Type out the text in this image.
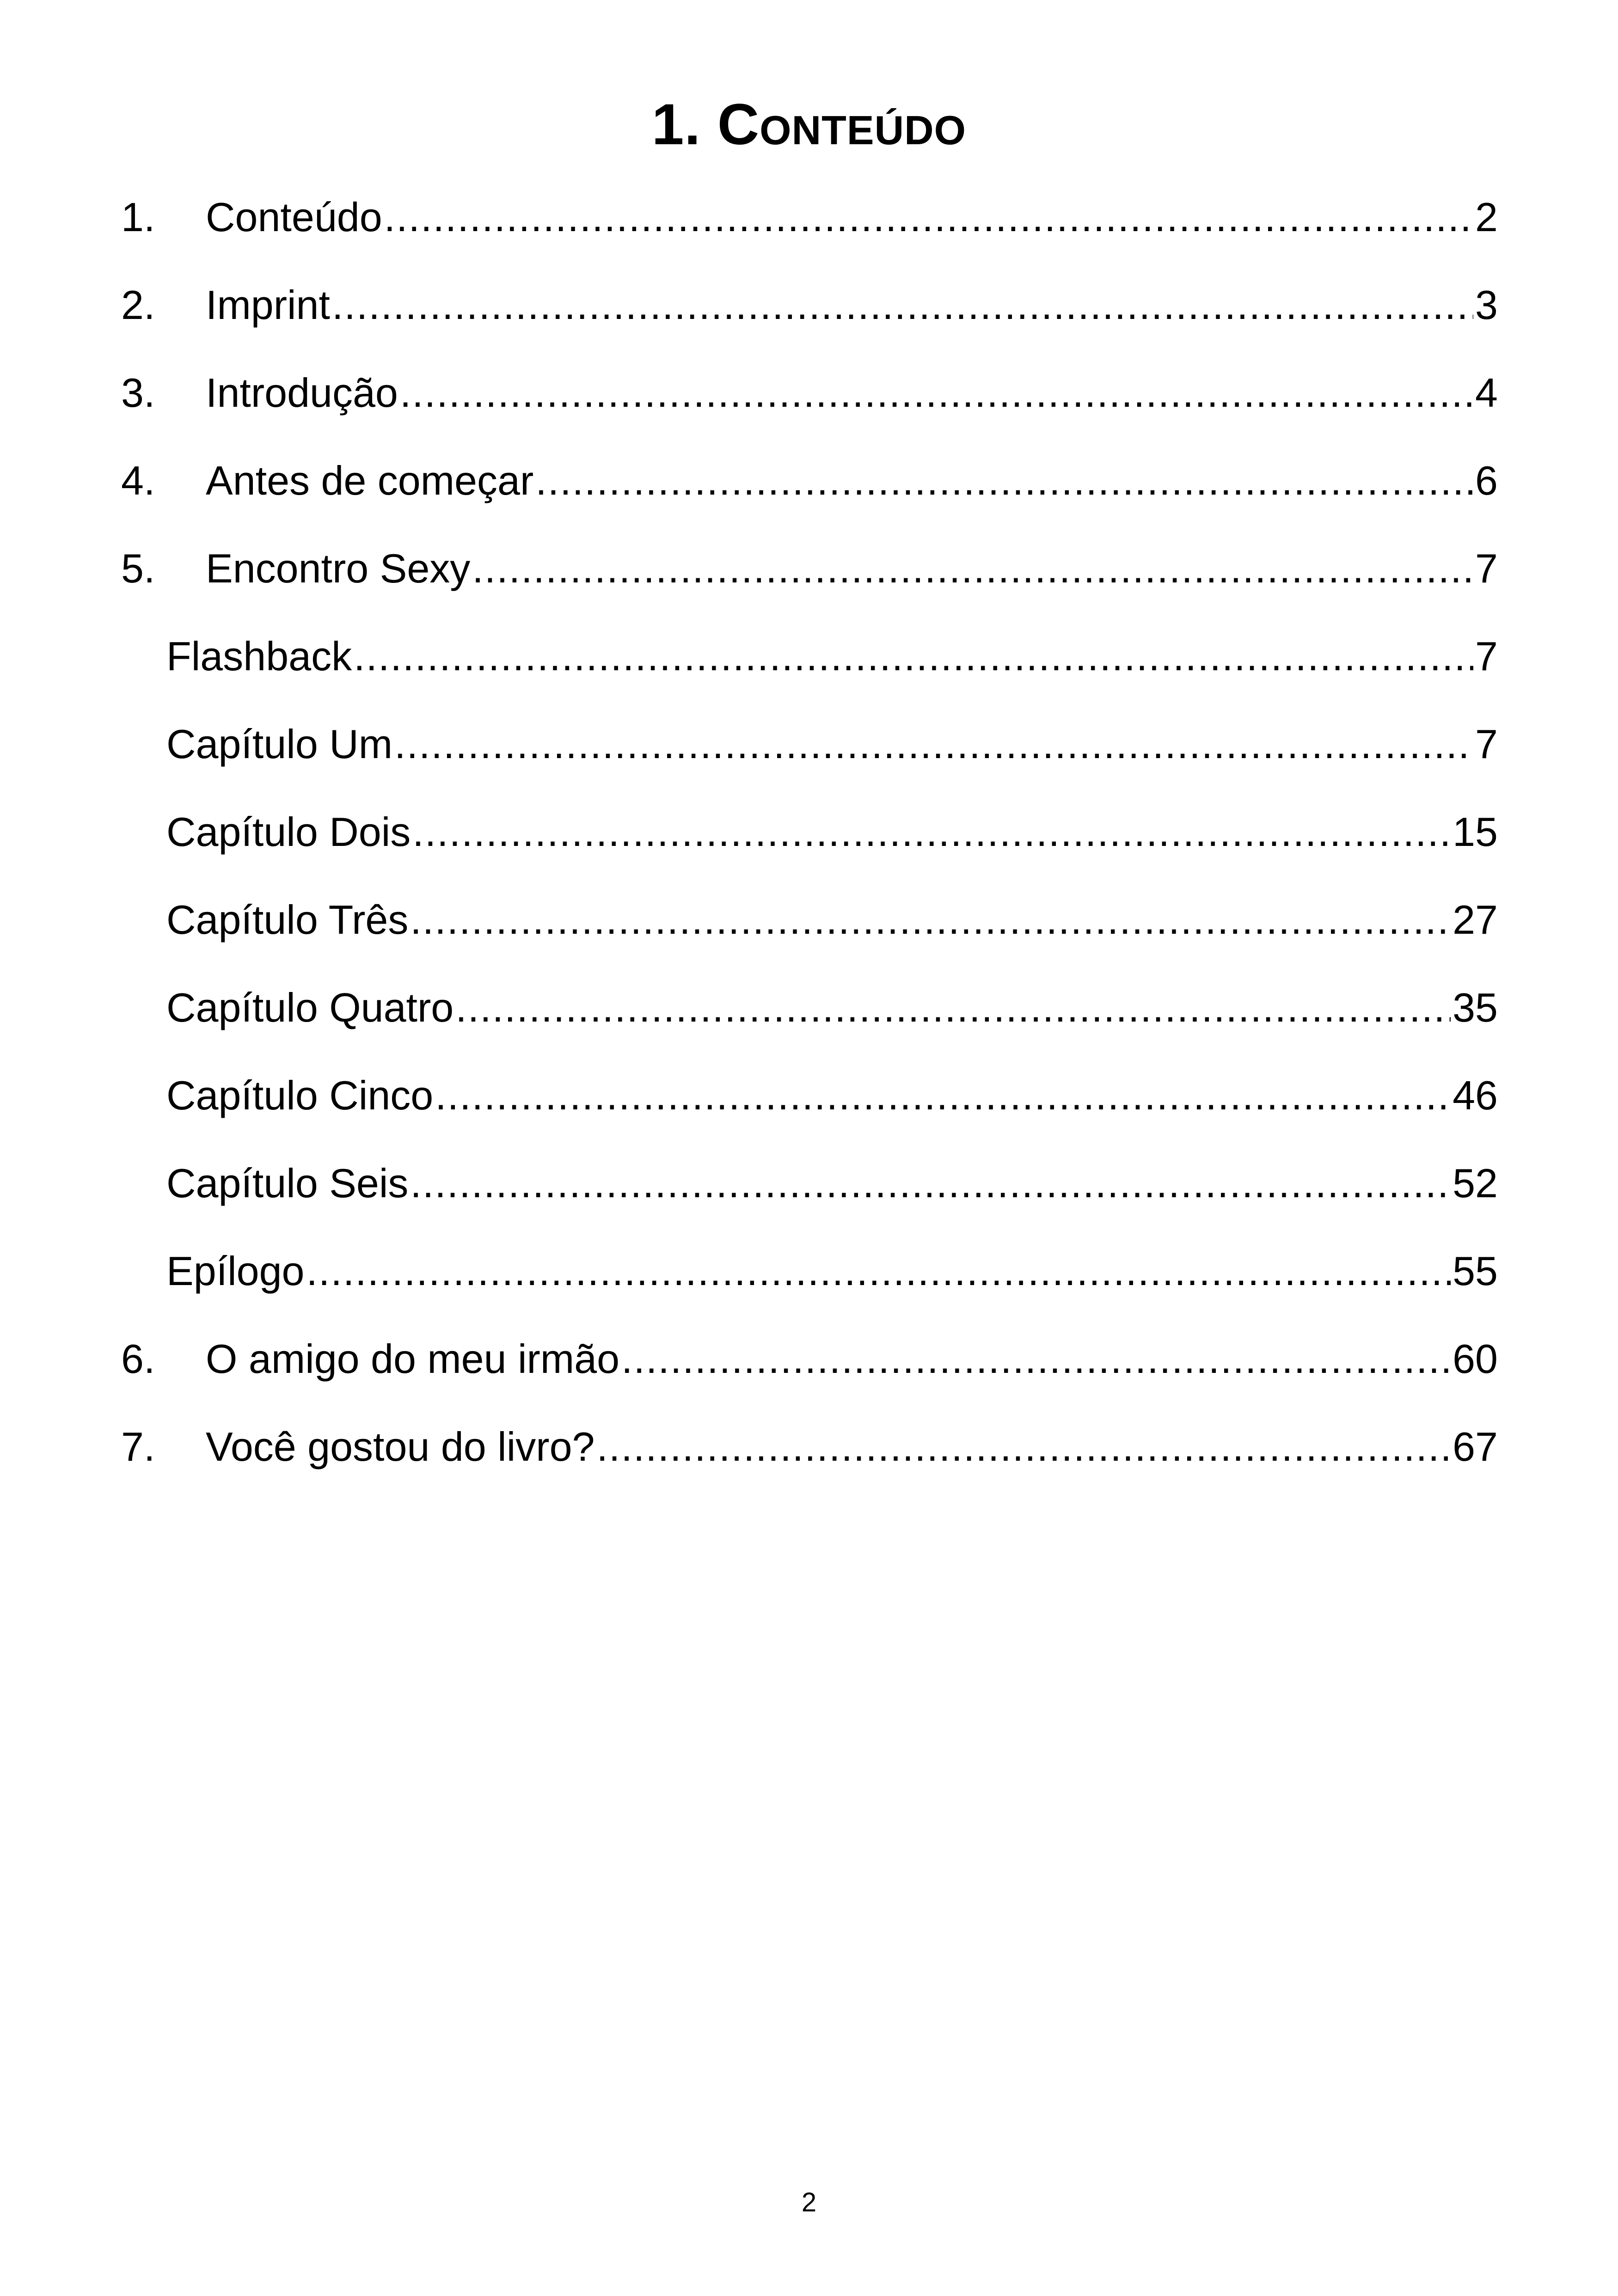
1. Conteúdo
1.	Conteúdo .....	2
2.	Imprint .....	3
3.	Introdução .....	4
4.	Antes de começar .....	6
5.	Encontro Sexy .....	7
Flashback .....	7
Capítulo Um .....	7
Capítulo Dois .....	15
Capítulo Três .....	27
Capítulo Quatro .....	35
Capítulo Cinco .....	46
Capítulo Seis .....	52
Epílogo .....	55
6.	O amigo do meu irmão .....	60
7.	Você gostou do livro? .....	67
2
